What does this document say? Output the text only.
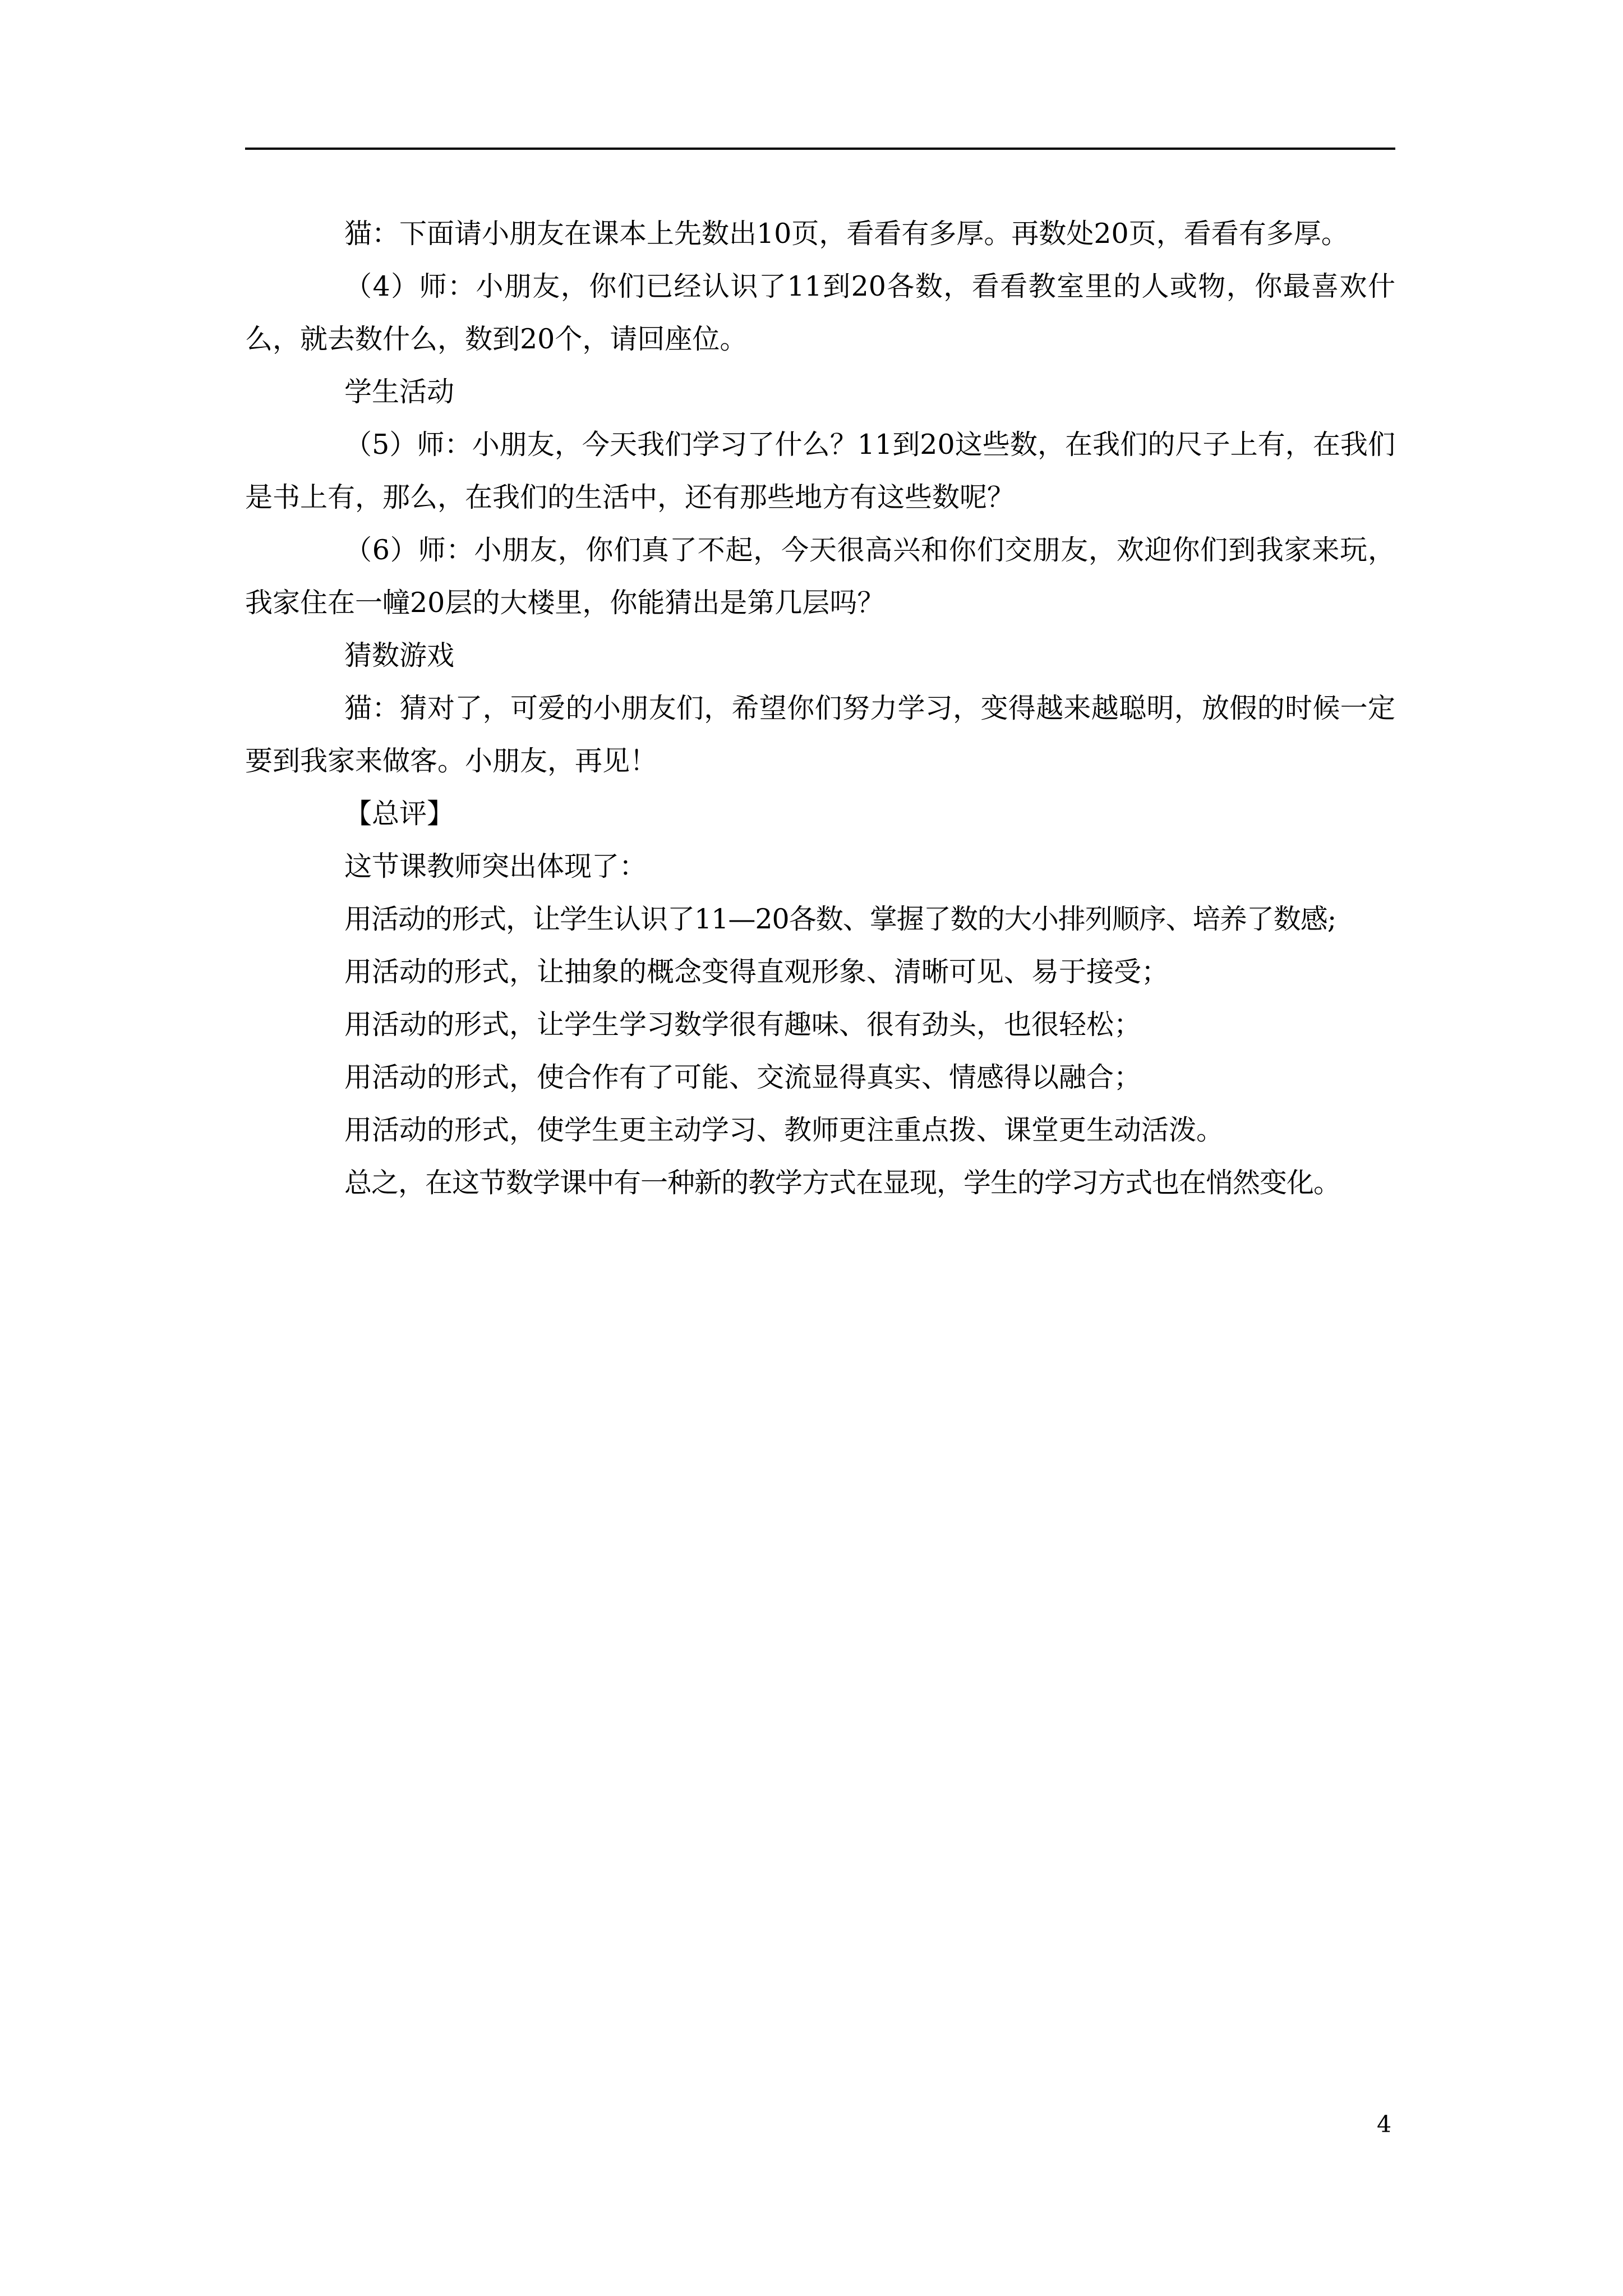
猫：下面请小朋友在课本上先数出10页，看看有多厚。再数处20页，看看有多厚。

（4）师：小朋友，你们已经认识了11到20各数，看看教室里的人或物，你最喜欢什么，就去数什么，数到20个，请回座位。

学生活动

（5）师：小朋友，今天我们学习了什么？11到20这些数，在我们的尺子上有，在我们是书上有，那么，在我们的生活中，还有那些地方有这些数呢？

（6）师：小朋友，你们真了不起，今天很高兴和你们交朋友，欢迎你们到我家来玩，我家住在一幢20层的大楼里，你能猜出是第几层吗？

猜数游戏

猫：猜对了，可爱的小朋友们，希望你们努力学习，变得越来越聪明，放假的时候一定要到我家来做客。小朋友，再见！

【总评】

这节课教师突出体现了：

用活动的形式，让学生认识了11—20各数、掌握了数的大小排列顺序、培养了数感;

用活动的形式，让抽象的概念变得直观形象、清晰可见、易于接受；

用活动的形式，让学生学习数学很有趣味、很有劲头，也很轻松；

用活动的形式，使合作有了可能、交流显得真实、情感得以融合；

用活动的形式，使学生更主动学习、教师更注重点拨、课堂更生动活泼。

总之，在这节数学课中有一种新的教学方式在显现，学生的学习方式也在悄然变化。

4
